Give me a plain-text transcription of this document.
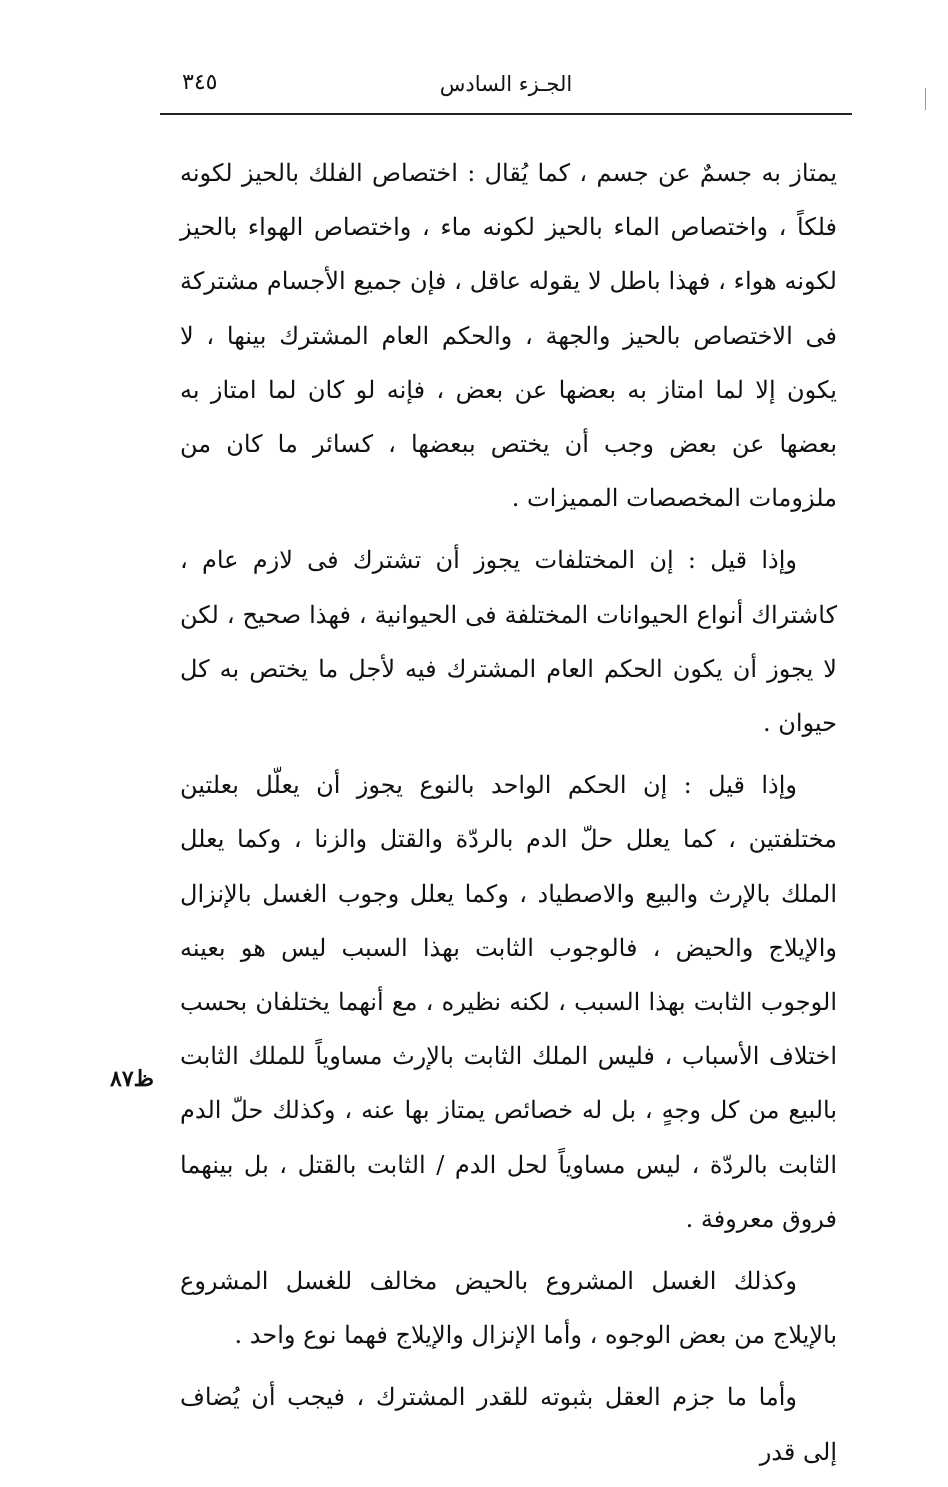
٣٤٥	الجـزء السادس

يمتاز به جسمٌ عن جسم ، كما يُقال : اختصاص الفلك بالحيز لكونه فلكاً ، واختصاص الماء بالحيز لكونه ماء ، واختصاص الهواء بالحيز لكونه هواء ، فهذا باطل لا يقوله عاقل ، فإن جميع الأجسام مشتركة فى الاختصاص بالحيز والجهة ، والحكم العام المشترك بينها ، لا يكون إلا لما امتاز به بعضها عن بعض ، فإنه لو كان لما امتاز به بعضها عن بعض وجب أن يختص ببعضها ، كسائر ما كان من ملزومات المخصصات المميزات .

وإذا قيل : إن المختلفات يجوز أن تشترك فى لازم عام ، كاشتراك أنواع الحيوانات المختلفة فى الحيوانية ، فهذا صحيح ، لكن لا يجوز أن يكون الحكم العام المشترك فيه لأجل ما يختص به كل حيوان .

وإذا قيل : إن الحكم الواحد بالنوع يجوز أن يعلّل بعلتين مختلفتين ، كما يعلل حلّ الدم بالردّة والقتل والزنا ، وكما يعلل الملك بالإرث والبيع والاصطياد ، وكما يعلل وجوب الغسل بالإنزال والإيلاج والحيض ، فالوجوب الثابت بهذا السبب ليس هو بعينه الوجوب الثابت بهذا السبب ، لكنه نظيره ، مع أنهما يختلفان بحسب اختلاف الأسباب ، فليس الملك الثابت بالإرث مساوياً للملك الثابت بالبيع من كل وجهٍ ، بل له خصائص يمتاز بها عنه ، وكذلك حلّ الدم الثابت بالردّة ، ليس مساوياً لحل الدم / الثابت بالقتل ، بل بينهما فروق معروفة .

وكذلك الغسل المشروع بالحيض مخالف للغسل المشروع بالإيلاج من بعض الوجوه ، وأما الإنزال والإيلاج فهما نوع واحد .

وأما ما جزم العقل بثبوته للقدر المشترك ، فيجب أن يُضاف إلى قدر

ظ٨٧
